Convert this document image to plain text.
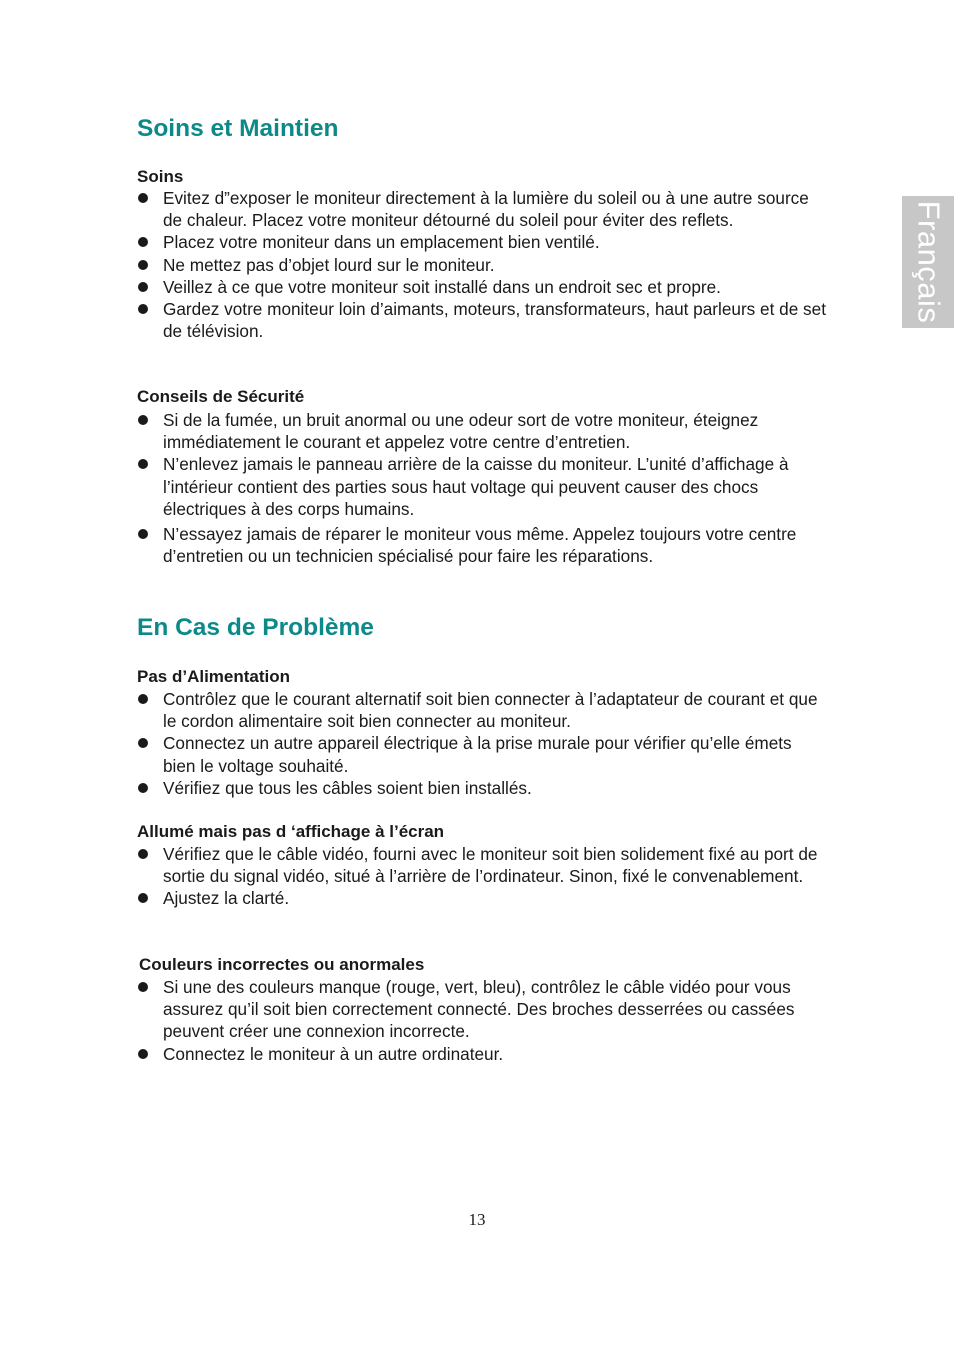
Français
Soins et Maintien
Soins
Evitez d”exposer le moniteur directement à la lumière du soleil ou à une autre source de chaleur. Placez votre moniteur détourné du soleil pour éviter des reflets.
Placez votre moniteur dans un emplacement bien ventilé.
Ne mettez pas d’objet lourd sur le moniteur.
Veillez à ce que votre moniteur soit installé dans un endroit sec et propre.
Gardez votre moniteur loin d’aimants, moteurs, transformateurs, haut parleurs et de set de télévision.
Conseils de Sécurité
Si de la fumée, un bruit anormal ou une odeur sort de votre moniteur, éteignez immédiatement le courant et appelez votre centre d’entretien.
N’enlevez jamais le panneau arrière de la caisse du moniteur. L’unité d’affichage à l’intérieur contient des parties sous haut voltage qui peuvent causer des chocs électriques à des corps humains.
N’essayez jamais de réparer le moniteur vous même. Appelez toujours votre centre d’entretien ou un technicien spécialisé pour faire les réparations.
En Cas de Problème
Pas d’Alimentation
Contrôlez que le courant alternatif soit bien connecter à l’adaptateur de courant et que le cordon alimentaire soit bien connecter au moniteur.
Connectez un autre appareil électrique à la prise murale pour vérifier qu’elle émets bien le voltage souhaité.
Vérifiez que tous les câbles soient bien installés.
Allumé mais pas d ‘affichage à l’écran
Vérifiez que le câble vidéo, fourni avec le moniteur soit bien solidement fixé au port de sortie du signal vidéo, situé à l’arrière de l’ordinateur. Sinon, fixé le convenablement.
Ajustez la clarté.
Couleurs incorrectes ou anormales
Si une des couleurs manque (rouge, vert, bleu), contrôlez le câble vidéo pour vous assurez qu’il soit bien correctement connecté. Des broches desserrées ou cassées peuvent créer une connexion incorrecte.
Connectez le moniteur à un autre ordinateur.
13
